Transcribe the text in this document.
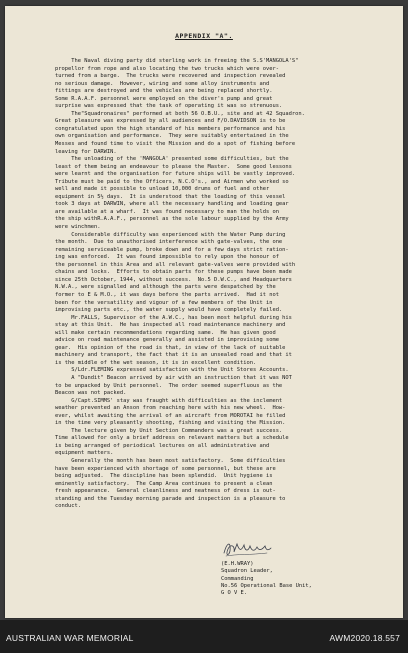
APPENDIX "A".
The Naval diving party did sterling work in freeing the S.S'MANGOLA'S"
propellor from rope and also locating the two trucks which were over-
turned from a barge.  The trucks were recovered and inspection revealed
no serious damage.  However, wiring and some alloy instruments and
fittings are destroyed and the vehicles are being replaced shortly.
Some R.A.A.F. personnel were employed on the diver's pump and great
surprise was expressed that the task of operating it was so strenuous.
The"Squadronaires" performed at both 56 O.B.U., site and at 42 Squadron.
Great pleasure was expressed by all audiences and F/O.DAVIDSON is to be
congratulated upon the high standard of his members performance and his
own organisation and performance.  They were suitably entertained in the
Messes and found time to visit the Mission and do a spot of fishing before
leaving for DARWIN.
The unloading of the 'MANGOLA' presented some difficulties, but the
least of them being an endeavour to please the Master.  Some good lessons
were learnt and the organisation for future ships will be vastly improved.
Tribute must be paid to the Officers, N.C.O's., and Airmen who worked so
well and made it possible to unload 10,000 drums of fuel and other
equipment in 5½ days.  It is understood that the loading of this vessel
took 3 days at DARWIN, where all the necessary handling and loading gear
are available at a wharf.  It was found necessary to man the holds on
the ship withR.A.A.F., personnel as the sole labour supplied by the Army
were winchmen.
Considerable difficulty was experienced with the Water Pump during
the month.  Due to unauthorised interference with gate-valves, the one
remaining serviceable pump, broke down and for a few days strict ration-
ing was enforced.  It was found impossible to rely upon the honour of
the personnel in this Area and all relevant gate-valves were provided with
chains and locks.  Efforts to obtain parts for these pumps have been made
since 25th October, 1944, without success.  No.5 D.W.C., and Headquarters
N.W.A., were signalled and although the parts were despatched by the
former to E & M.O., it was days before the parts arrived.  Had it not
been for the versatility and vigour of a few members of the Unit in
improvising parts etc., the water supply would have completely failed.
Mr.FALLS, Supervisor of the A.W.C., has been most helpful during his
stay at this Unit.  He has inspected all road maintenance machinery and
will make certain recommendations regarding same.  He has given good
advice on road maintenance generally and assisted in improvising some
gear.  His opinion of the road is that, in view of the lack of suitable
machinery and transport, the fact that it is an unsealed road and that it
is the middle of the wet season, it is in excellent condition.
S/Ldr.FLEMING expressed satisfaction with the Unit Stores Accounts.
A "Dundit" Beacon arrived by air with an instruction that it was NOT
to be unpacked by Unit personnel.  The order seemed superfluous as the
Beacon was not packed.
G/Capt.SIMMS' stay was fraught with difficulties as the inclement
weather prevented an Anson from reaching here with his new wheel.  How-
ever, whilst awaiting the arrival of an aircraft from MOROTAI he filled
in the time very pleasantly shooting, fishing and visiting the Mission.
The lecture given by Unit Section Commanders was a great success.
Time allowed for only a brief address on relevant matters but a schedule
is being arranged of periodical lectures on all administrative and
equipment matters.
Generally the month has been most satisfactory.  Some difficulties
have been experienced with shortage of some personnel, but these are
being adjusted.  The discipline has been splendid.  Unit hygiene is
eminently satisfactory.  The Camp Area continues to present a clean
fresh appearance.  General cleanliness and neatness of dress is out-
standing and the Tuesday morning parade and inspection is a pleasure to
conduct.
(E.H.WRAY)
Squadron Leader,
Commanding
No.56 Operational Base Unit,
G O V E.
AUSTRALIAN WAR MEMORIAL	AWM2020.18.557
